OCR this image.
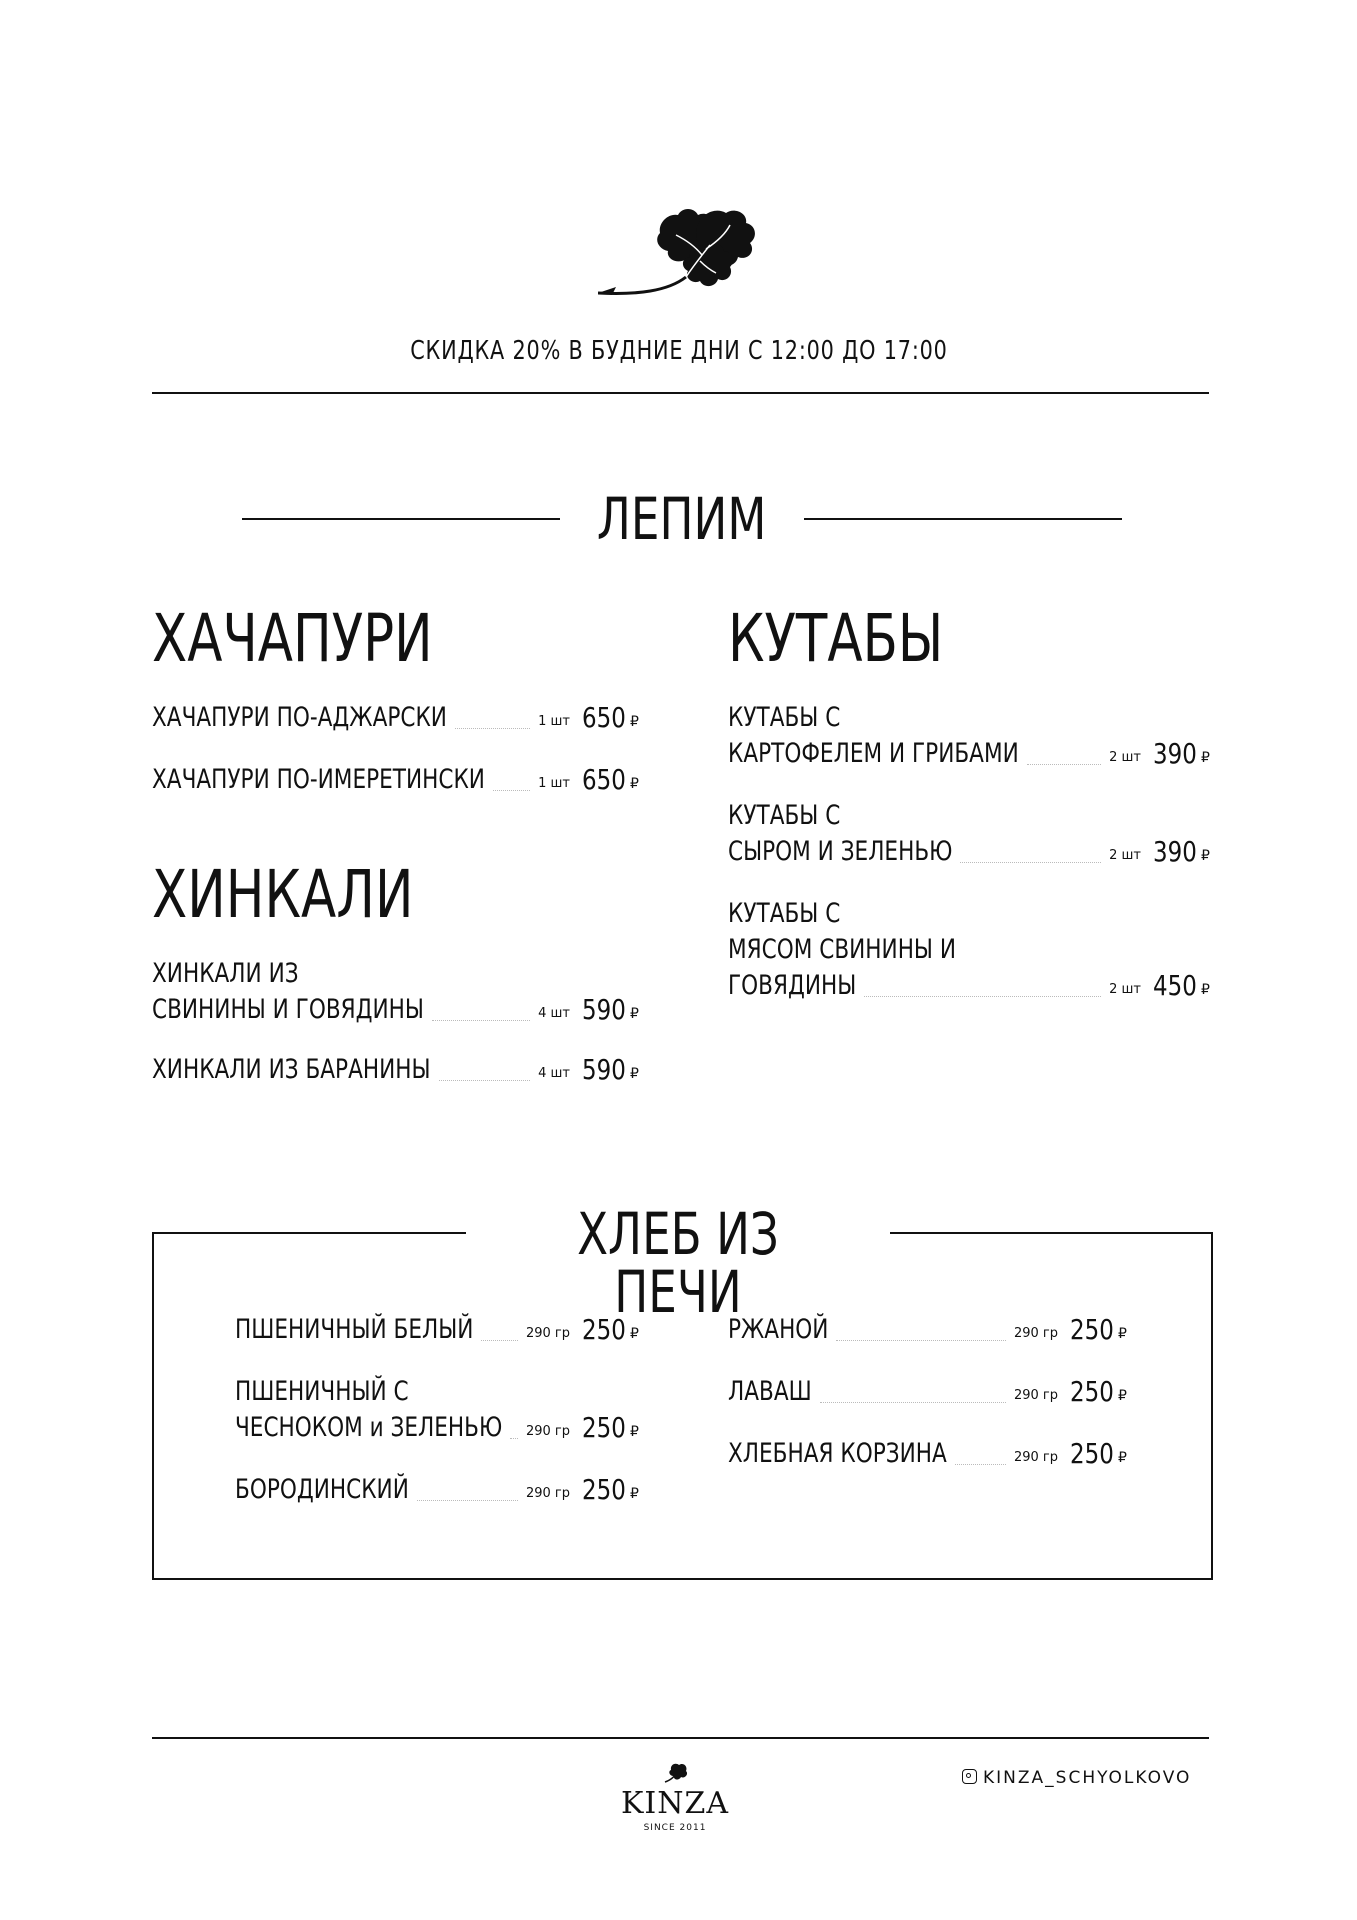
СКИДКА 20% В БУДНИЕ ДНИ С 12:00 ДО 17:00
ЛЕПИМ
ХАЧАПУРИ
ХИНКАЛИ
КУТАБЫ
ХАЧАПУРИ ПО-АДЖАРСКИ	650 ₽
1 шт
ХАЧАПУРИ ПО-ИМЕРЕТИНСКИ	650 ₽
1 шт
ХИНКАЛИ ИЗ
СВИНИНЫ И ГОВЯДИНЫ	590 ₽
4 шт
ХИНКАЛИ ИЗ БАРАНИНЫ	590 ₽
4 шт
КУТАБЫ С
КАРТОФЕЛЕМ И ГРИБАМИ	390 ₽
2 шт
КУТАБЫ С
СЫРОМ И ЗЕЛЕНЬЮ	390 ₽
2 шт
КУТАБЫ С
МЯСОМ СВИНИНЫ И
ГОВЯДИНЫ	450 ₽
2 шт
ХЛЕБ ИЗ ПЕЧИ
ПШЕНИЧНЫЙ БЕЛЫЙ	250 ₽
290 гр
ПШЕНИЧНЫЙ С
ЧЕСНОКОМ и ЗЕЛЕНЬЮ	250 ₽
290 гр
БОРОДИНСКИЙ	250 ₽
290 гр
РЖАНОЙ	250 ₽
290 гр
ЛАВАШ	250 ₽
290 гр
ХЛЕБНАЯ КОРЗИНА	250 ₽
290 гр
KINZA
SINCE 2011
KINZA_SCHYOLKOVO
